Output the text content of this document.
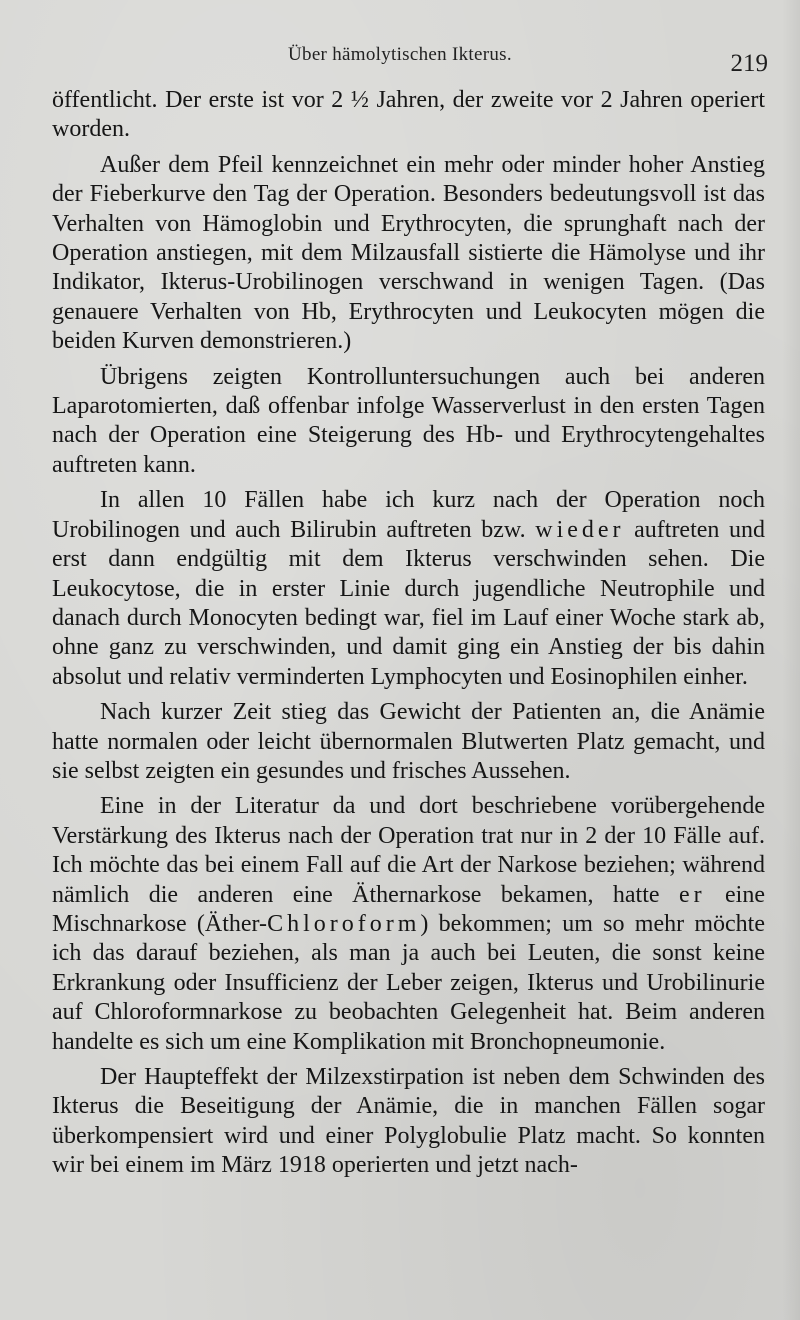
Über hämolytischen Ikterus.	219

öffentlicht. Der erste ist vor 2 ½ Jahren, der zweite vor 2 Jahren operiert worden.

Außer dem Pfeil kennzeichnet ein mehr oder minder hoher Anstieg der Fieberkurve den Tag der Operation. Besonders bedeutungsvoll ist das Verhalten von Hämoglobin und Erythrocyten, die sprunghaft nach der Operation anstiegen, mit dem Milzausfall sistierte die Hämolyse und ihr Indikator, Ikterus-Urobilinogen verschwand in wenigen Tagen. (Das genauere Verhalten von Hb, Erythrocyten und Leukocyten mögen die beiden Kurven demonstrieren.)

Übrigens zeigten Kontrolluntersuchungen auch bei anderen Laparotomierten, daß offenbar infolge Wasserverlust in den ersten Tagen nach der Operation eine Steigerung des Hb- und Erythrocytengehaltes auftreten kann.

In allen 10 Fällen habe ich kurz nach der Operation noch Urobilinogen und auch Bilirubin auftreten bzw. wieder auftreten und erst dann endgültig mit dem Ikterus verschwinden sehen. Die Leukocytose, die in erster Linie durch jugendliche Neutrophile und danach durch Monocyten bedingt war, fiel im Lauf einer Woche stark ab, ohne ganz zu verschwinden, und damit ging ein Anstieg der bis dahin absolut und relativ verminderten Lymphocyten und Eosinophilen einher.

Nach kurzer Zeit stieg das Gewicht der Patienten an, die Anämie hatte normalen oder leicht übernormalen Blutwerten Platz gemacht, und sie selbst zeigten ein gesundes und frisches Aussehen.

Eine in der Literatur da und dort beschriebene vorübergehende Verstärkung des Ikterus nach der Operation trat nur in 2 der 10 Fälle auf. Ich möchte das bei einem Fall auf die Art der Narkose beziehen; während nämlich die anderen eine Äthernarkose bekamen, hatte er eine Mischnarkose (Äther-Chloroform) bekommen; um so mehr möchte ich das darauf beziehen, als man ja auch bei Leuten, die sonst keine Erkrankung oder Insufficienz der Leber zeigen, Ikterus und Urobilinurie auf Chloroformnarkose zu beobachten Gelegenheit hat. Beim anderen handelte es sich um eine Komplikation mit Bronchopneumonie.

Der Haupteffekt der Milzexstirpation ist neben dem Schwinden des Ikterus die Beseitigung der Anämie, die in manchen Fällen sogar überkompensiert wird und einer Polyglobulie Platz macht. So konnten wir bei einem im März 1918 operierten und jetzt nach-
